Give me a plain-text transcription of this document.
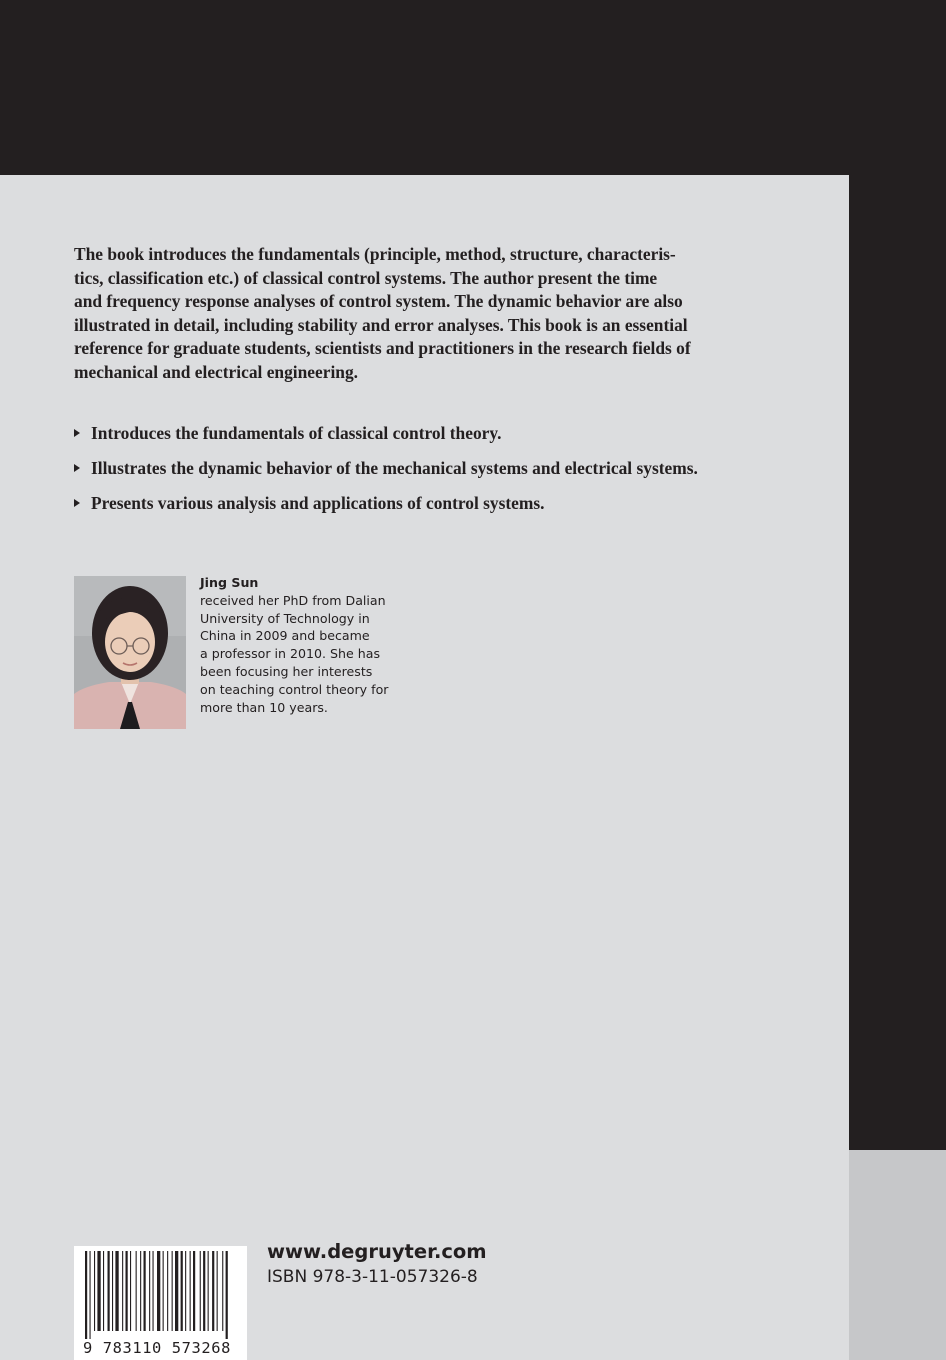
The book introduces the fundamentals (principle, method, structure, characteris-
tics, classification etc.) of classical control systems. The author present the time
and frequency response analyses of control system. The dynamic behavior are also
illustrated in detail, including stability and error analyses. This book is an essential
reference for graduate students, scientists and practitioners in the research fields of
mechanical and electrical engineering.

Introduces the fundamentals of classical control theory.
Illustrates the dynamic behavior of the mechanical systems and electrical systems.
Presents various analysis and applications of control systems.
Jing Sun
received her PhD from Dalian
University of Technology in
China in 2009 and became
a professor in 2010. She has
been focusing her interests
on teaching control theory for
more than 10 years.
9 783110 573268
www.degruyter.com
ISBN 978-3-11-057326-8
